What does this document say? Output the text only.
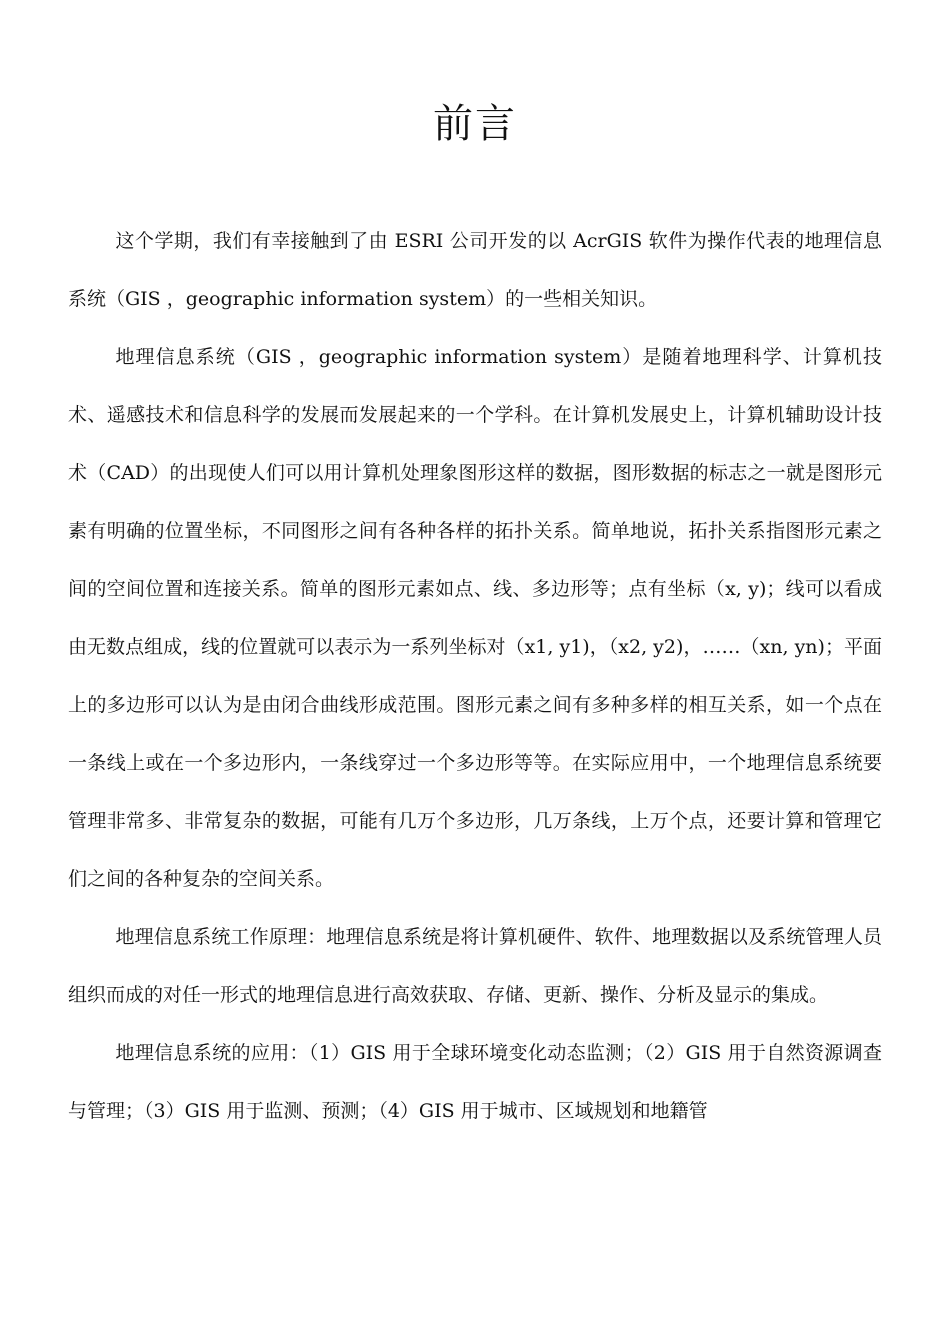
前言

这个学期，我们有幸接触到了由 ESRI 公司开发的以 AcrGIS 软件为操作代表的地理信息系统（GIS ，geographic information system）的一些相关知识。

地理信息系统（GIS ，geographic information system）是随着地理科学、计算机技术、遥感技术和信息科学的发展而发展起来的一个学科。在计算机发展史上，计算机辅助设计技术（CAD）的出现使人们可以用计算机处理象图形这样的数据，图形数据的标志之一就是图形元素有明确的位置坐标，不同图形之间有各种各样的拓扑关系。简单地说，拓扑关系指图形元素之间的空间位置和连接关系。简单的图形元素如点、线、多边形等；点有坐标（x, y)；线可以看成由无数点组成，线的位置就可以表示为一系列坐标对（x1, y1)，（x2, y2)，……（xn, yn)；平面上的多边形可以认为是由闭合曲线形成范围。图形元素之间有多种多样的相互关系，如一个点在一条线上或在一个多边形内，一条线穿过一个多边形等等。在实际应用中，一个地理信息系统要管理非常多、非常复杂的数据，可能有几万个多边形，几万条线，上万个点，还要计算和管理它们之间的各种复杂的空间关系。

地理信息系统工作原理：地理信息系统是将计算机硬件、软件、地理数据以及系统管理人员组织而成的对任一形式的地理信息进行高效获取、存储、更新、操作、分析及显示的集成。

地理信息系统的应用：（1）GIS 用于全球环境变化动态监测；（2）GIS 用于自然资源调查与管理；（3）GIS 用于监测、预测；（4）GIS 用于城市、区域规划和地籍管
